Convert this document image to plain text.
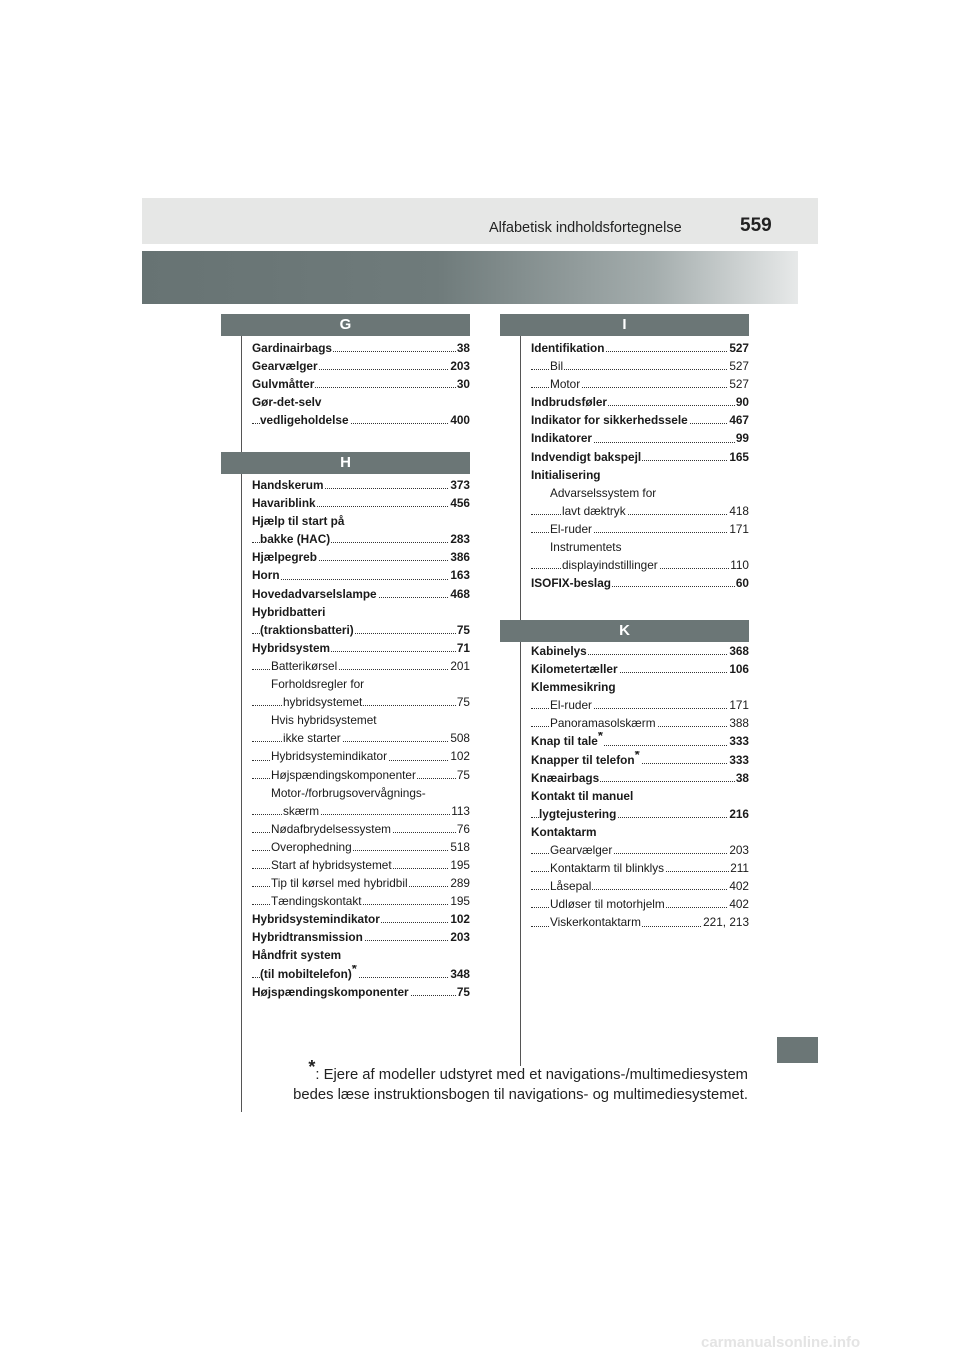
Alfabetisk indholdsfortegnelse	559
G
Gardinairbags	38
Gearvælger	203
Gulvmåtter	30
Gør-det-selv
vedligeholdelse	400
H
Handskerum	373
Havariblink	456
Hjælp til start på
bakke (HAC)	283
Hjælpegreb	386
Horn	163
Hovedadvarselslampe	468
Hybridbatteri
(traktionsbatteri)	75
Hybridsystem	71
Batterikørsel	201
Forholdsregler for
hybridsystemet	75
Hvis hybridsystemet
ikke starter	508
Hybridsystemindikator	102
Højspændingskomponenter	75
Motor-/forbrugsovervågnings-
skærm	113
Nødafbrydelsessystem	76
Overophedning	518
Start af hybridsystemet	195
Tip til kørsel med hybridbil	289
Tændingskontakt	195
Hybridsystemindikator	102
Hybridtransmission	203
Håndfrit system
(til mobiltelefon)*	348
Højspændingskomponenter	75
I
Identifikation	527
Bil	527
Motor	527
Indbrudsføler	90
Indikator for sikkerhedssele	467
Indikatorer	99
Indvendigt bakspejl	165
Initialisering
Advarselssystem for
lavt dæktryk	418
El-ruder	171
Instrumentets
displayindstillinger	110
ISOFIX-beslag	60
K
Kabinelys	368
Kilometertæller	106
Klemmesikring
El-ruder	171
Panoramasolskærm	388
Knap til tale*	333
Knapper til telefon*	333
Knæairbags	38
Kontakt til manuel
lygtejustering	216
Kontaktarm
Gearvælger	203
Kontaktarm til blinklys	211
Låsepal	402
Udløser til motorhjelm	402
Viskerkontaktarm	221, 213
*: Ejere af modeller udstyret med et navigations-/multimediesystem
bedes læse instruktionsbogen til navigations- og multimediesystemet.
carmanualsonline.info
